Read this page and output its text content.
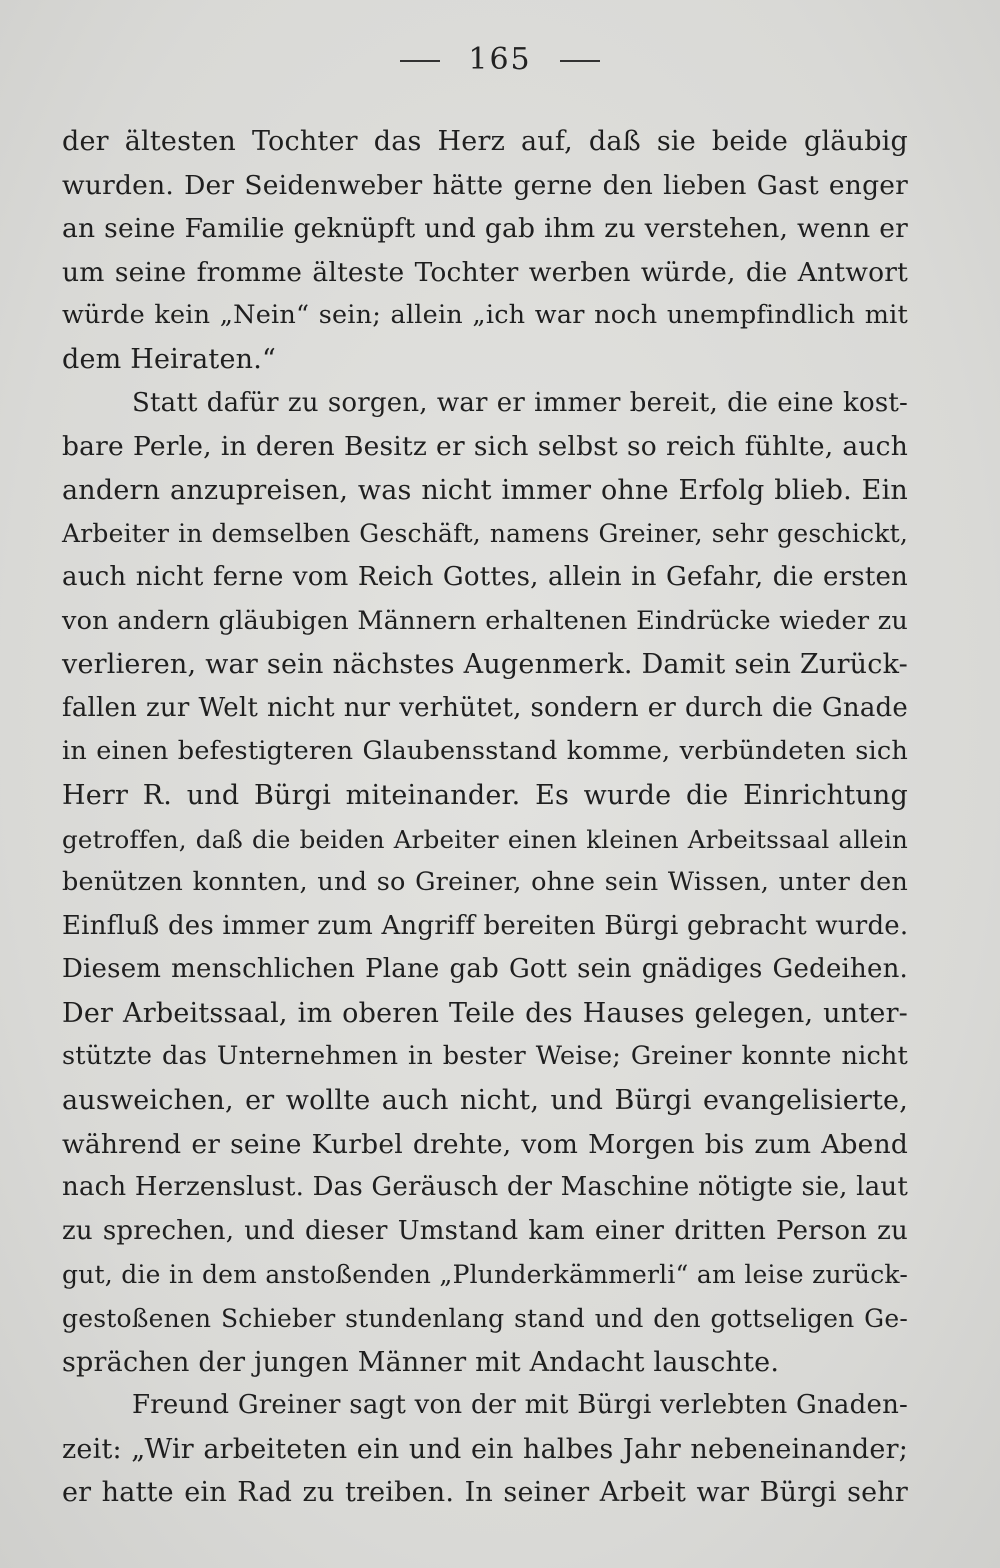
165
der ältesten Tochter das Herz auf, daß sie beide gläubig
wurden. Der Seidenweber hätte gerne den lieben Gast enger
an seine Familie geknüpft und gab ihm zu verstehen, wenn er
um seine fromme älteste Tochter werben würde, die Antwort
würde kein „Nein“ sein; allein „ich war noch unempfindlich mit
dem Heiraten.“
Statt dafür zu sorgen, war er immer bereit, die eine kost-
bare Perle, in deren Besitz er sich selbst so reich fühlte, auch
andern anzupreisen, was nicht immer ohne Erfolg blieb. Ein
Arbeiter in demselben Geschäft, namens Greiner, sehr geschickt,
auch nicht ferne vom Reich Gottes, allein in Gefahr, die ersten
von andern gläubigen Männern erhaltenen Eindrücke wieder zu
verlieren, war sein nächstes Augenmerk. Damit sein Zurück-
fallen zur Welt nicht nur verhütet, sondern er durch die Gnade
in einen befestigteren Glaubensstand komme, verbündeten sich
Herr R. und Bürgi miteinander. Es wurde die Einrichtung
getroffen, daß die beiden Arbeiter einen kleinen Arbeitssaal allein
benützen konnten, und so Greiner, ohne sein Wissen, unter den
Einfluß des immer zum Angriff bereiten Bürgi gebracht wurde.
Diesem menschlichen Plane gab Gott sein gnädiges Gedeihen.
Der Arbeitssaal, im oberen Teile des Hauses gelegen, unter-
stützte das Unternehmen in bester Weise; Greiner konnte nicht
ausweichen, er wollte auch nicht, und Bürgi evangelisierte,
während er seine Kurbel drehte, vom Morgen bis zum Abend
nach Herzenslust. Das Geräusch der Maschine nötigte sie, laut
zu sprechen, und dieser Umstand kam einer dritten Person zu
gut, die in dem anstoßenden „Plunderkämmerli“ am leise zurück-
gestoßenen Schieber stundenlang stand und den gottseligen Ge-
sprächen der jungen Männer mit Andacht lauschte.
Freund Greiner sagt von der mit Bürgi verlebten Gnaden-
zeit: „Wir arbeiteten ein und ein halbes Jahr nebeneinander;
er hatte ein Rad zu treiben. In seiner Arbeit war Bürgi sehr
